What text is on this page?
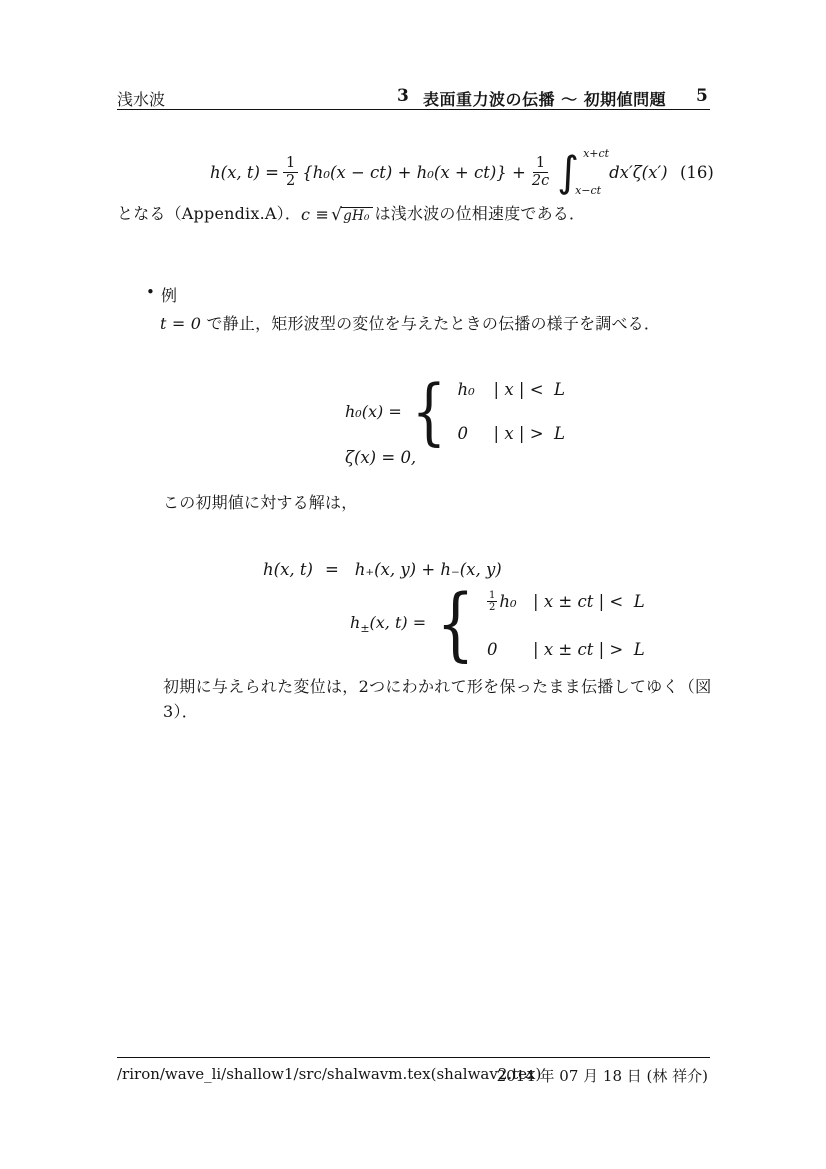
浅水波	3 表面重力波の伝播 ～ 初期値問題 5
h(x, $t) = \frac{1}{2} \{h_0(x - ct) + h_0(x + ct)\} + \frac{1}{2c}$ ∫ x+ct
x−ct
dx′ζ(x′) (16)
となる（Appendix.A）． c ≡ √ gH₀ は浅水波の位相速度である．
• 例
t = 0 で静止，矩形波型の変位を与えたときの伝播の様子を調べる．
h₀(x) = { h₀	| x | <  L
0	| x | >  L
ζ(x) = 0,
この初期値に対する解は，
h(x, t) = h₊(x, y) + h₋(x, y)
$h_\pm(x$, t) = { $\frac{1}{2} h_0$ | x ± ct | <  L
0	| x ± ct | >  L
初期に与えられた変位は，2つにわかれて形を保ったまま伝播してゆく（図
3）．
/riron/wave_li/shallow1/src/shalwavm.tex(shalwav2.tex)
2014 年 07 月 18 日 (林 祥介)
